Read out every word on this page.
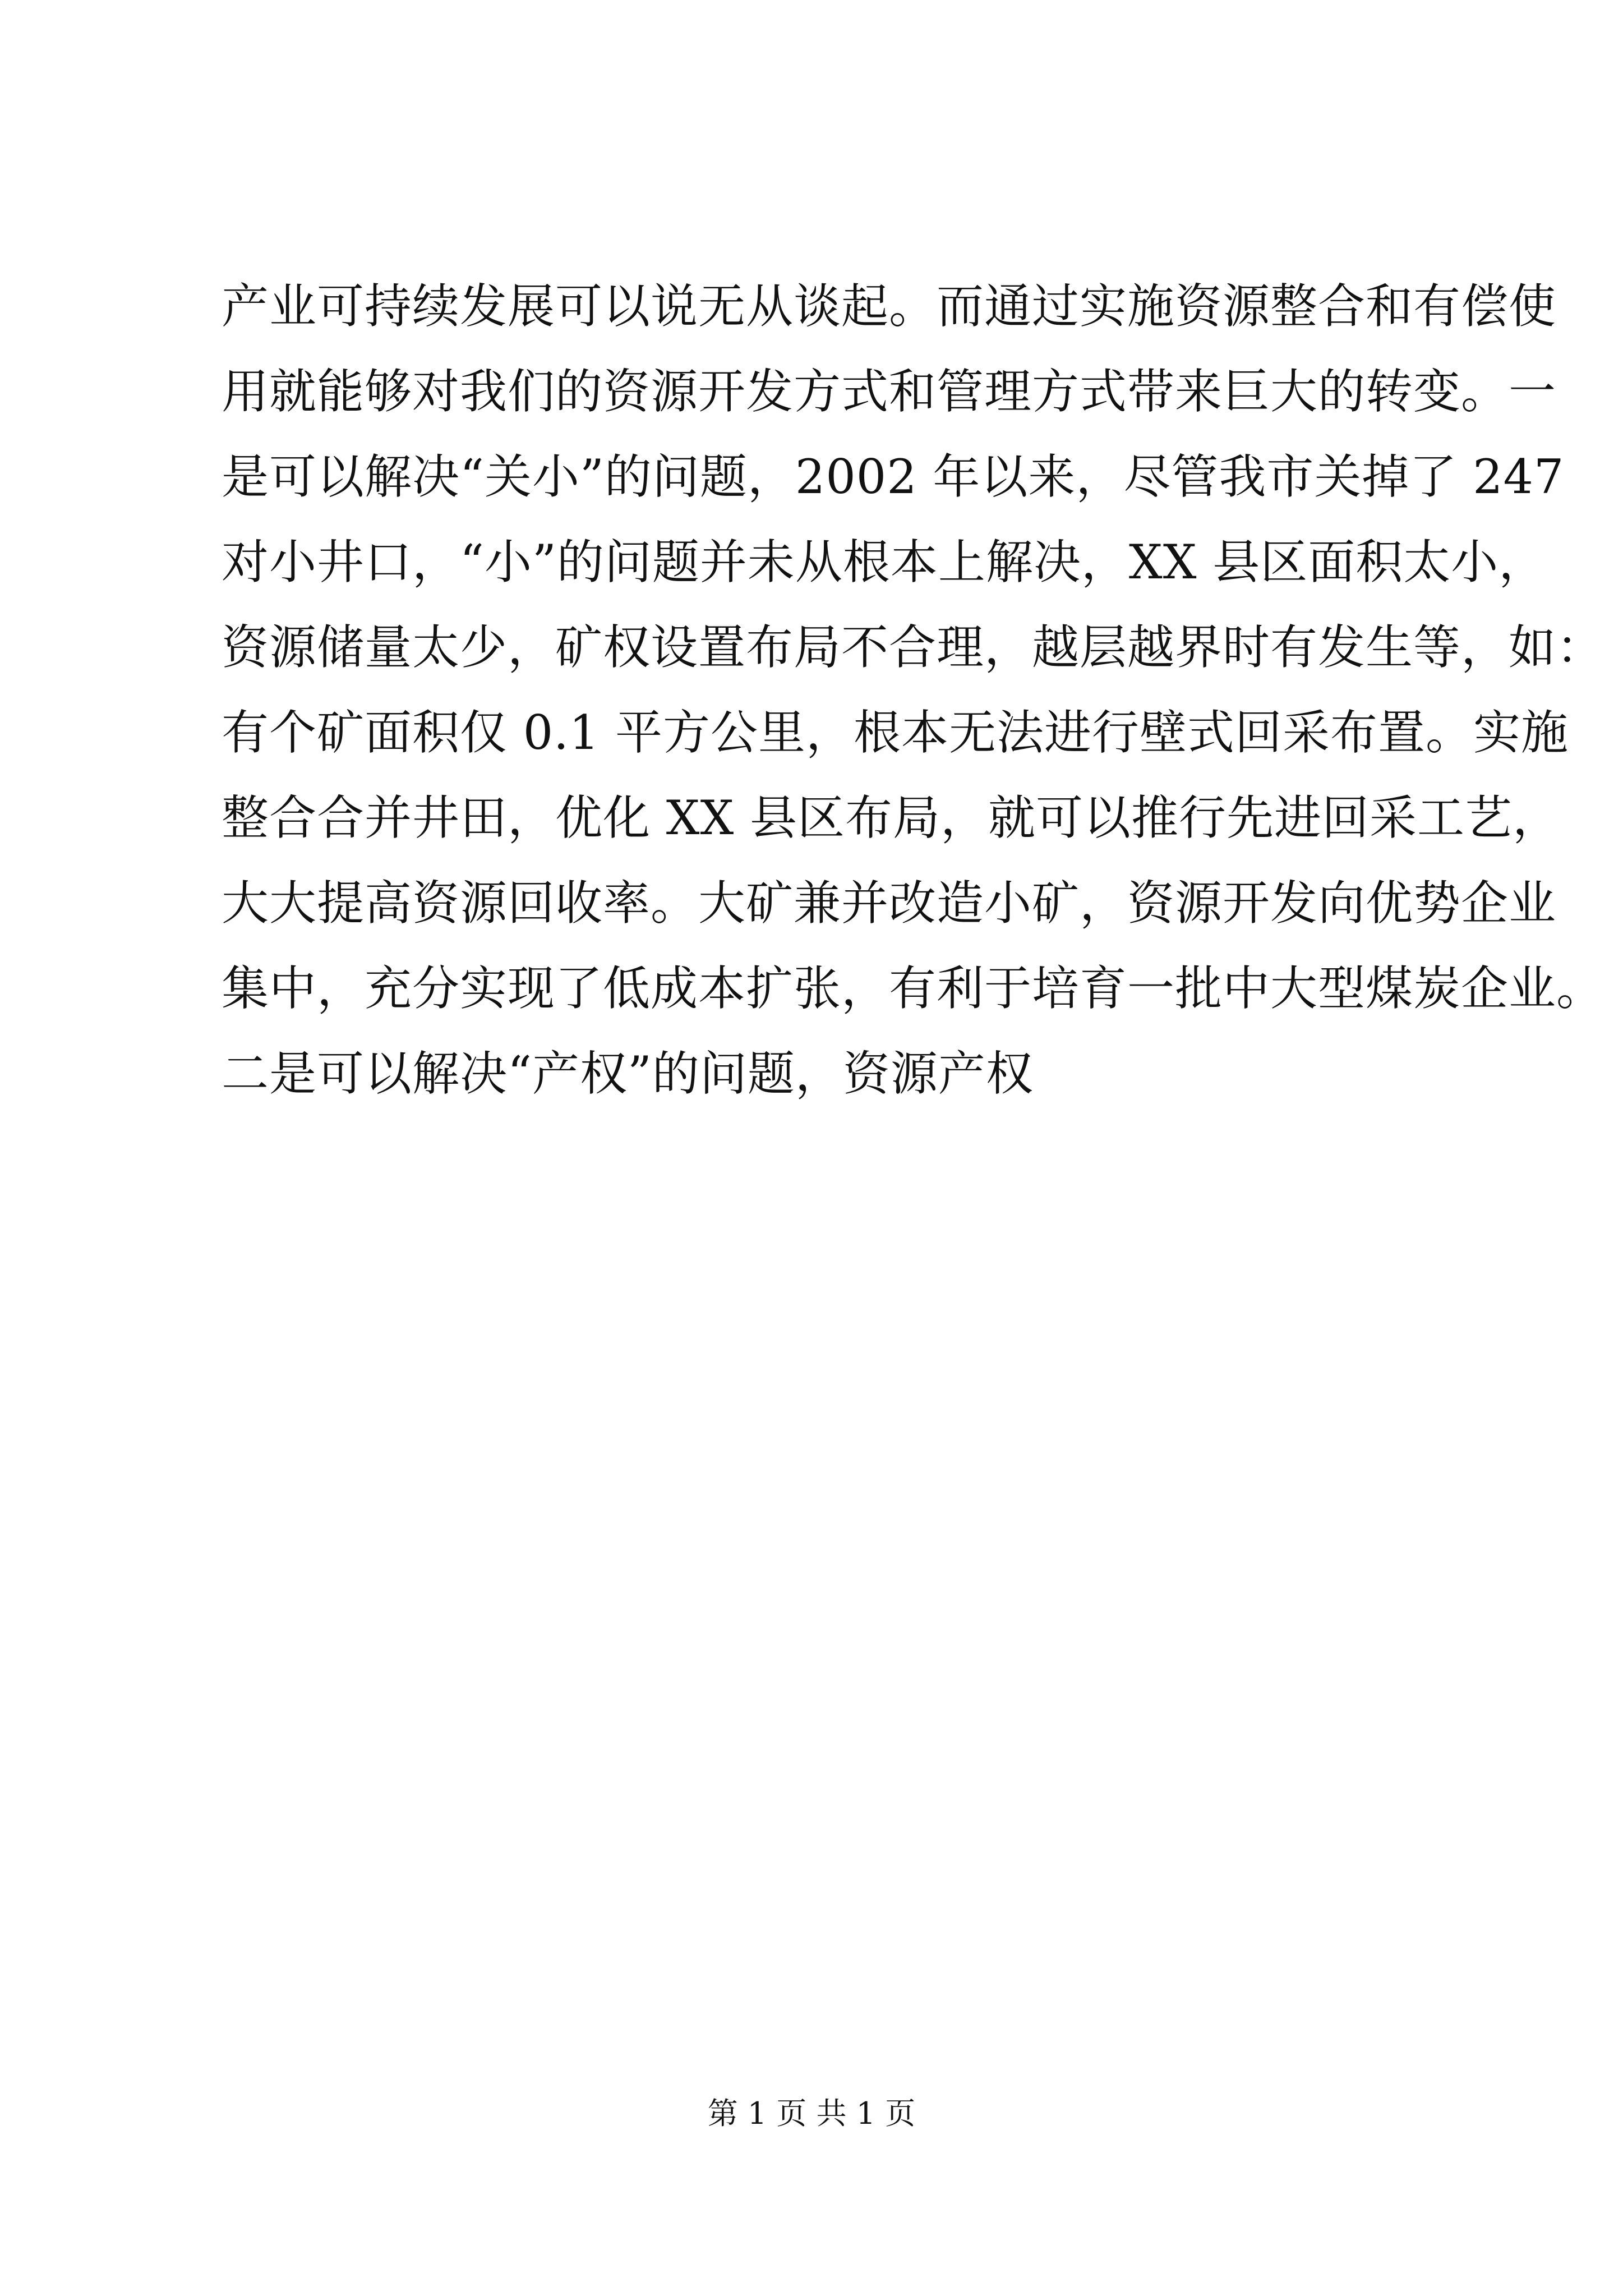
产业可持续发展可以说无从谈起。而通过实施资源整合和有偿使
用就能够对我们的资源开发方式和管理方式带来巨大的转变。一
是可以解决“关小”的问题，2002 年以来，尽管我市关掉了 247
对小井口，“小”的问题并未从根本上解决，XX 县区面积太小，
资源储量太少，矿权设置布局不合理，越层越界时有发生等，如：
有个矿面积仅 0.1 平方公里，根本无法进行壁式回采布置。实施
整合合并井田，优化 XX 县区布局，就可以推行先进回采工艺，
大大提高资源回收率。大矿兼并改造小矿，资源开发向优势企业
集中，充分实现了低成本扩张，有利于培育一批中大型煤炭企业。
二是可以解决“产权”的问题，资源产权
第 1 页 共 1 页
